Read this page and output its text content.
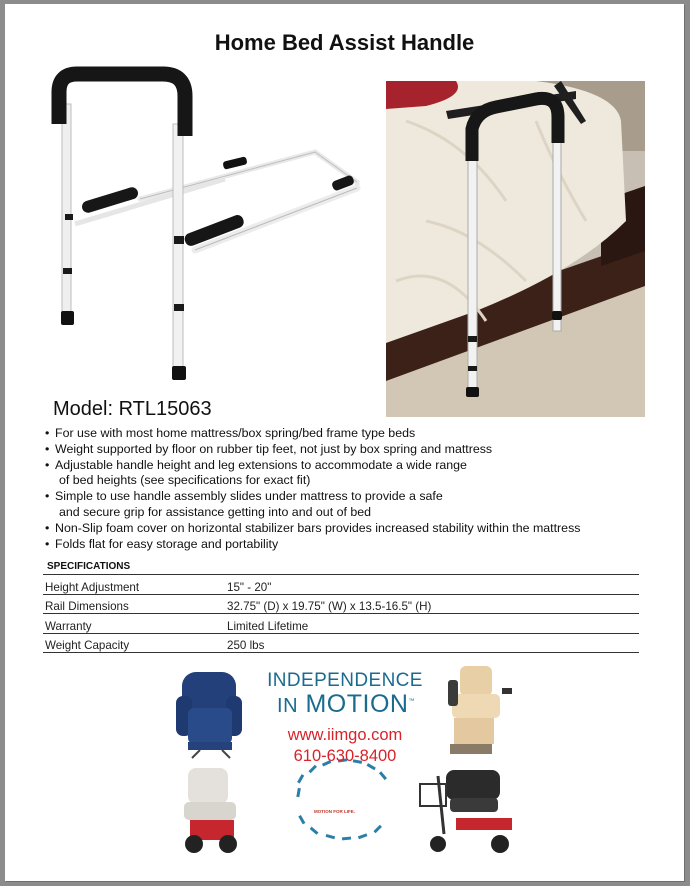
Home Bed Assist Handle
Model: RTL15063
• For use with most home mattress/box spring/bed frame type beds
• Weight supported by floor on rubber tip feet, not just by box spring and mattress
• Adjustable handle height and leg extensions to accommodate a wide range
of bed heights (see specifications for exact fit)
• Simple to use handle assembly slides under mattress to provide a safe
and secure grip for assistance getting into and out of bed
• Non-Slip foam cover on horizontal stabilizer bars provides increased stability within the mattress
• Folds flat for easy storage and portability
SPECIFICATIONS
Height Adjustment	15" - 20"
Rail Dimensions	32.75" (D) x 19.75" (W) x 13.5-16.5" (H)
Warranty	Limited Lifetime
Weight Capacity	250 lbs
INDEPENDENCE
IN MOTION™
www.iimgo.com
610-630-8400
MOTION FOR LIFE.
